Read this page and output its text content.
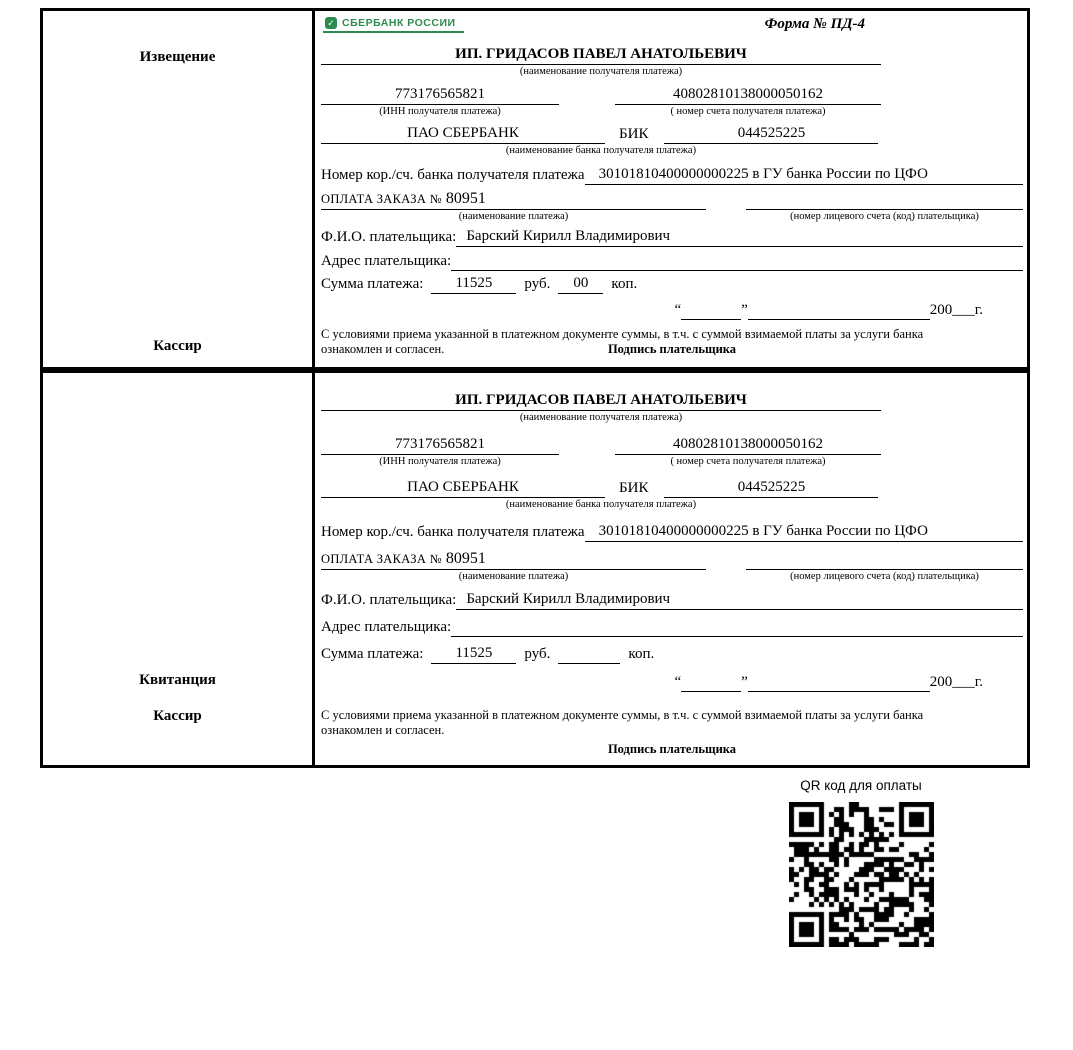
Извещение
Кассир
✓ СБЕРБАНК РОССИИ	Форма № ПД-4
ИП. ГРИДАСОВ ПАВЕЛ АНАТОЛЬЕВИЧ
(наименование получателя платежа)
773176565821
(ИНН получателя платежа)
40802810138000050162
( номер счета получателя платежа)
ПАО СБЕРБАНК	БИК	044525225
(наименование банка получателя платежа)
Номер кор./сч. банка получателя платежа 30101810400000000225 в ГУ банка России по ЦФО
ОПЛАТА ЗАКАЗА № 80951
(наименование платежа)	(номер лицевого счета (код) плательщика)
Ф.И.О. плательщика: Барский Кирилл Владимирович
Адрес плательщика:
Сумма платежа:	11525	руб.	00	коп.
“	”	200___ г.

С условиями приема указанной в платежном документе суммы, в т.ч. с суммой взимаемой платы за услуги банка ознакомлен и согласен.	Подпись плательщика
Квитанция
Кассир
ИП. ГРИДАСОВ ПАВЕЛ АНАТОЛЬЕВИЧ
(наименование получателя платежа)
773176565821
(ИНН получателя платежа)
40802810138000050162
( номер счета получателя платежа)
ПАО СБЕРБАНК	БИК	044525225
(наименование банка получателя платежа)
Номер кор./сч. банка получателя платежа 30101810400000000225 в ГУ банка России по ЦФО
ОПЛАТА ЗАКАЗА № 80951
(наименование платежа)	(номер лицевого счета (код) плательщика)
Ф.И.О. плательщика: Барский Кирилл Владимирович
Адрес плательщика:
Сумма платежа:	11525	руб.	коп.
“	”	200___ г.

С условиями приема указанной в платежном документе суммы, в т.ч. с суммой взимаемой платы за услуги банка ознакомлен и согласен.

Подпись плательщика
QR код для оплаты
